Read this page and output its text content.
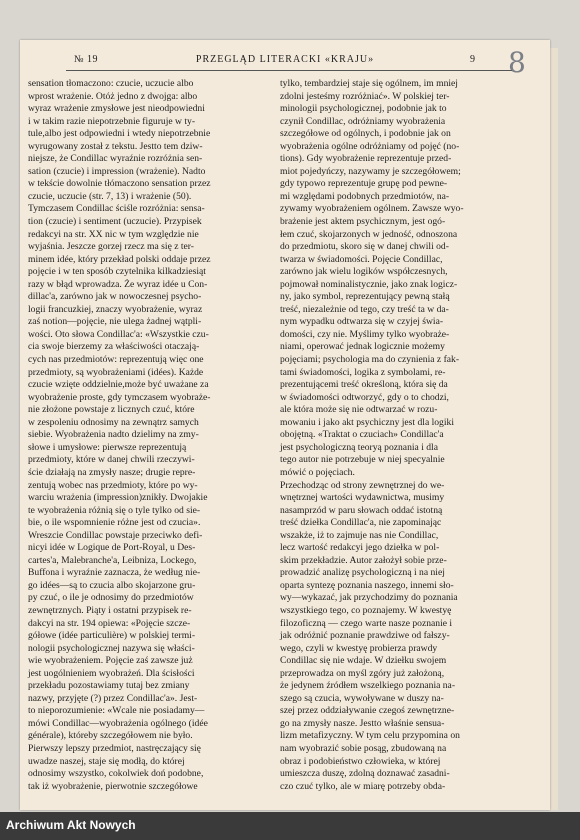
№ 19	PRZEGLĄD LITERACKI «KRAJU»	9 8
sensation tłomaczono: czucie, uczucie albo
wprost wrażenie. Otóż jedno z dwojga: albo
wyraz wrażenie zmysłowe jest nieodpowiedni
i w takim razie niepotrzebnie figuruje w ty-
tule,albo jest odpowiedni i wtedy niepotrzebnie
wyrugowany został z tekstu. Jestto tem dziw-
niejsze, że Condillac wyraźnie rozróżnia sen-
sation (czucie) i impression (wrażenie). Nadto
w tekście dowolnie tłómaczono sensation przez
czucie, uczucie (str. 7, 13) i wrażenie (50).
Tymczasem Condillac ściśle rozróżnia: sensa-
tion (czucie) i sentiment (uczucie). Przypisek
redakcyi na str. XX nic w tym względzie nie
wyjaśnia. Jeszcze gorzej rzecz ma się z ter-
minem idée, który przekład polski oddaje przez
pojęcie i w ten sposób czytelnika kilkadziesiąt
razy w błąd wprowadza. Że wyraz idée u Con-
dillac'a, zarówno jak w nowoczesnej psycho-
logii francuzkiej, znaczy wyobrażenie, wyraz
zaś notion—pojęcie, nie ulega żadnej wątpli-
wości. Oto słowa Condillac'a: «Wszystkie czu-
cia swoje bierzemy za właściwości otaczają-
cych nas przedmiotów: reprezentują więc one
przedmioty, są wyobrażeniami (idées). Każde
czucie wzięte oddzielnie,może być uważane za
wyobrażenie proste, gdy tymczasem wyobraże-
nie złożone powstaje z licznych czuć, które
w zespoleniu odnosimy na zewnątrz samych
siebie. Wyobrażenia nadto dzielimy na zmy-
słowe i umysłowe: pierwsze reprezentują
przedmioty, które w danej chwili rzeczywi-
ście działają na zmysły nasze; drugie repre-
zentują wobec nas przedmioty, które po wy-
warciu wrażenia (impression)znikły. Dwojakie
te wyobrażenia różnią się o tyle tylko od sie-
bie, o ile wspomnienie różne jest od czucia».
Wreszcie Condillac powstaje przeciwko defi-
nicyi idée w Logique de Port-Royal, u Des-
cartes'a, Malebranche'a, Leibniza, Lockego,
Buffona i wyraźnie zaznacza, że według nie-
go idées—są to czucia albo skojarzone gru-
py czuć, o ile je odnosimy do przedmiotów
zewnętrznych. Piąty i ostatni przypisek re-
dakcyi na str. 194 opiewa: «Pojęcie szcze-
gółowe (idée particulière) w polskiej termi-
nologii psychologicznej nazywa się właści-
wie wyobrażeniem. Pojęcie zaś zawsze już
jest uogólnieniem wyobrażeń. Dla ścisłości
przekładu pozostawiamy tutaj bez zmiany
nazwy, przyjęte (?) przez Condillac'a». Jest-
to nieporozumienie: «Wcale nie posiadamy—
mówi Condillac—wyobrażenia ogólnego (idée
générale), któreby szczegółowem nie było.
Pierwszy lepszy przedmiot, nastręczający się
uwadze naszej, staje się modłą, do której
odnosimy wszystko, cokolwiek doń podobne,
tak iż wyobrażenie, pierwotnie szczegółowe
tylko, tembardziej staje się ogólnem, im mniej
zdolni jesteśmy rozróżniać». W polskiej ter-
minologii psychologicznej, podobnie jak to
czynił Condillac, odróżniamy wyobrażenia
szczegółowe od ogólnych, i podobnie jak on
wyobrażenia ogólne odróżniamy od pojęć (no-
tions). Gdy wyobrażenie reprezentuje przed-
miot pojedyńczy, nazywamy je szczegółowem;
gdy typowo reprezentuje grupę pod pewne-
mi względami podobnych przedmiotów, na-
zywamy wyobrażeniem ogólnem. Zawsze wyo-
brażenie jest aktem psychicznym, jest ogó-
łem czuć, skojarzonych w jedność, odnoszona
do przedmiotu, skoro się w danej chwili od-
twarza w świadomości. Pojęcie Condillac,
zarówno jak wielu logików współczesnych,
pojmował nominalistycznie, jako znak logicz-
ny, jako symbol, reprezentujący pewną stałą
treść, niezależnie od tego, czy treść ta w da-
nym wypadku odtwarza się w czyjej świa-
domości, czy nie. Myślimy tylko wyobraże-
niami, operować jednak logicznie możemy
pojęciami; psychologia ma do czynienia z fak-
tami świadomości, logika z symbolami, re-
prezentującemi treść określoną, która się da
w świadomości odtworzyć, gdy o to chodzi,
ale która może się nie odtwarzać w rozu-
mowaniu i jako akt psychiczny jest dla logiki
obojętną. «Traktat o czuciach» Condillac'a
jest psychologiczną teoryą poznania i dla
tego autor nie potrzebuje w niej specyalnie
mówić o pojęciach.
Przechodząc od strony zewnętrznej do we-
wnętrznej wartości wydawnictwa, musimy
nasamprzód w paru słowach oddać istotną
treść dziełka Condillac'a, nie zapominając
wszakże, iż to zajmuje nas nie Condillac,
lecz wartość redakcyi jego dziełka w pol-
skim przekładzie. Autor założył sobie prze-
prowadzić analizę psychologiczną i na niej
oparta syntezę poznania naszego, innemi sło-
wy—wykazać, jak przychodzimy do poznania
wszystkiego tego, co poznajemy. W kwestyę
filozoficzną — czego warte nasze poznanie i
jak odróżnić poznanie prawdziwe od fałszy-
wego, czyli w kwestyę probierza prawdy
Condillac się nie wdaje. W dziełku swojem
przeprowadza on myśl zgóry już założoną,
że jedynem źródłem wszelkiego poznania na-
szego są czucia, wywoływane w duszy na-
szej przez oddziaływanie czegoś zewnętrzne-
go na zmysły nasze. Jestto właśnie sensua-
lizm metafizyczny. W tym celu przypomina on
nam wyobrazić sobie posąg, zbudowaną na
obraz i podobieństwo człowieka, w której
umieszcza duszę, zdolną doznawać zasadni-
czo czuć tylko, ale w miarę potrzeby obda-
Archiwum Akt Nowych
